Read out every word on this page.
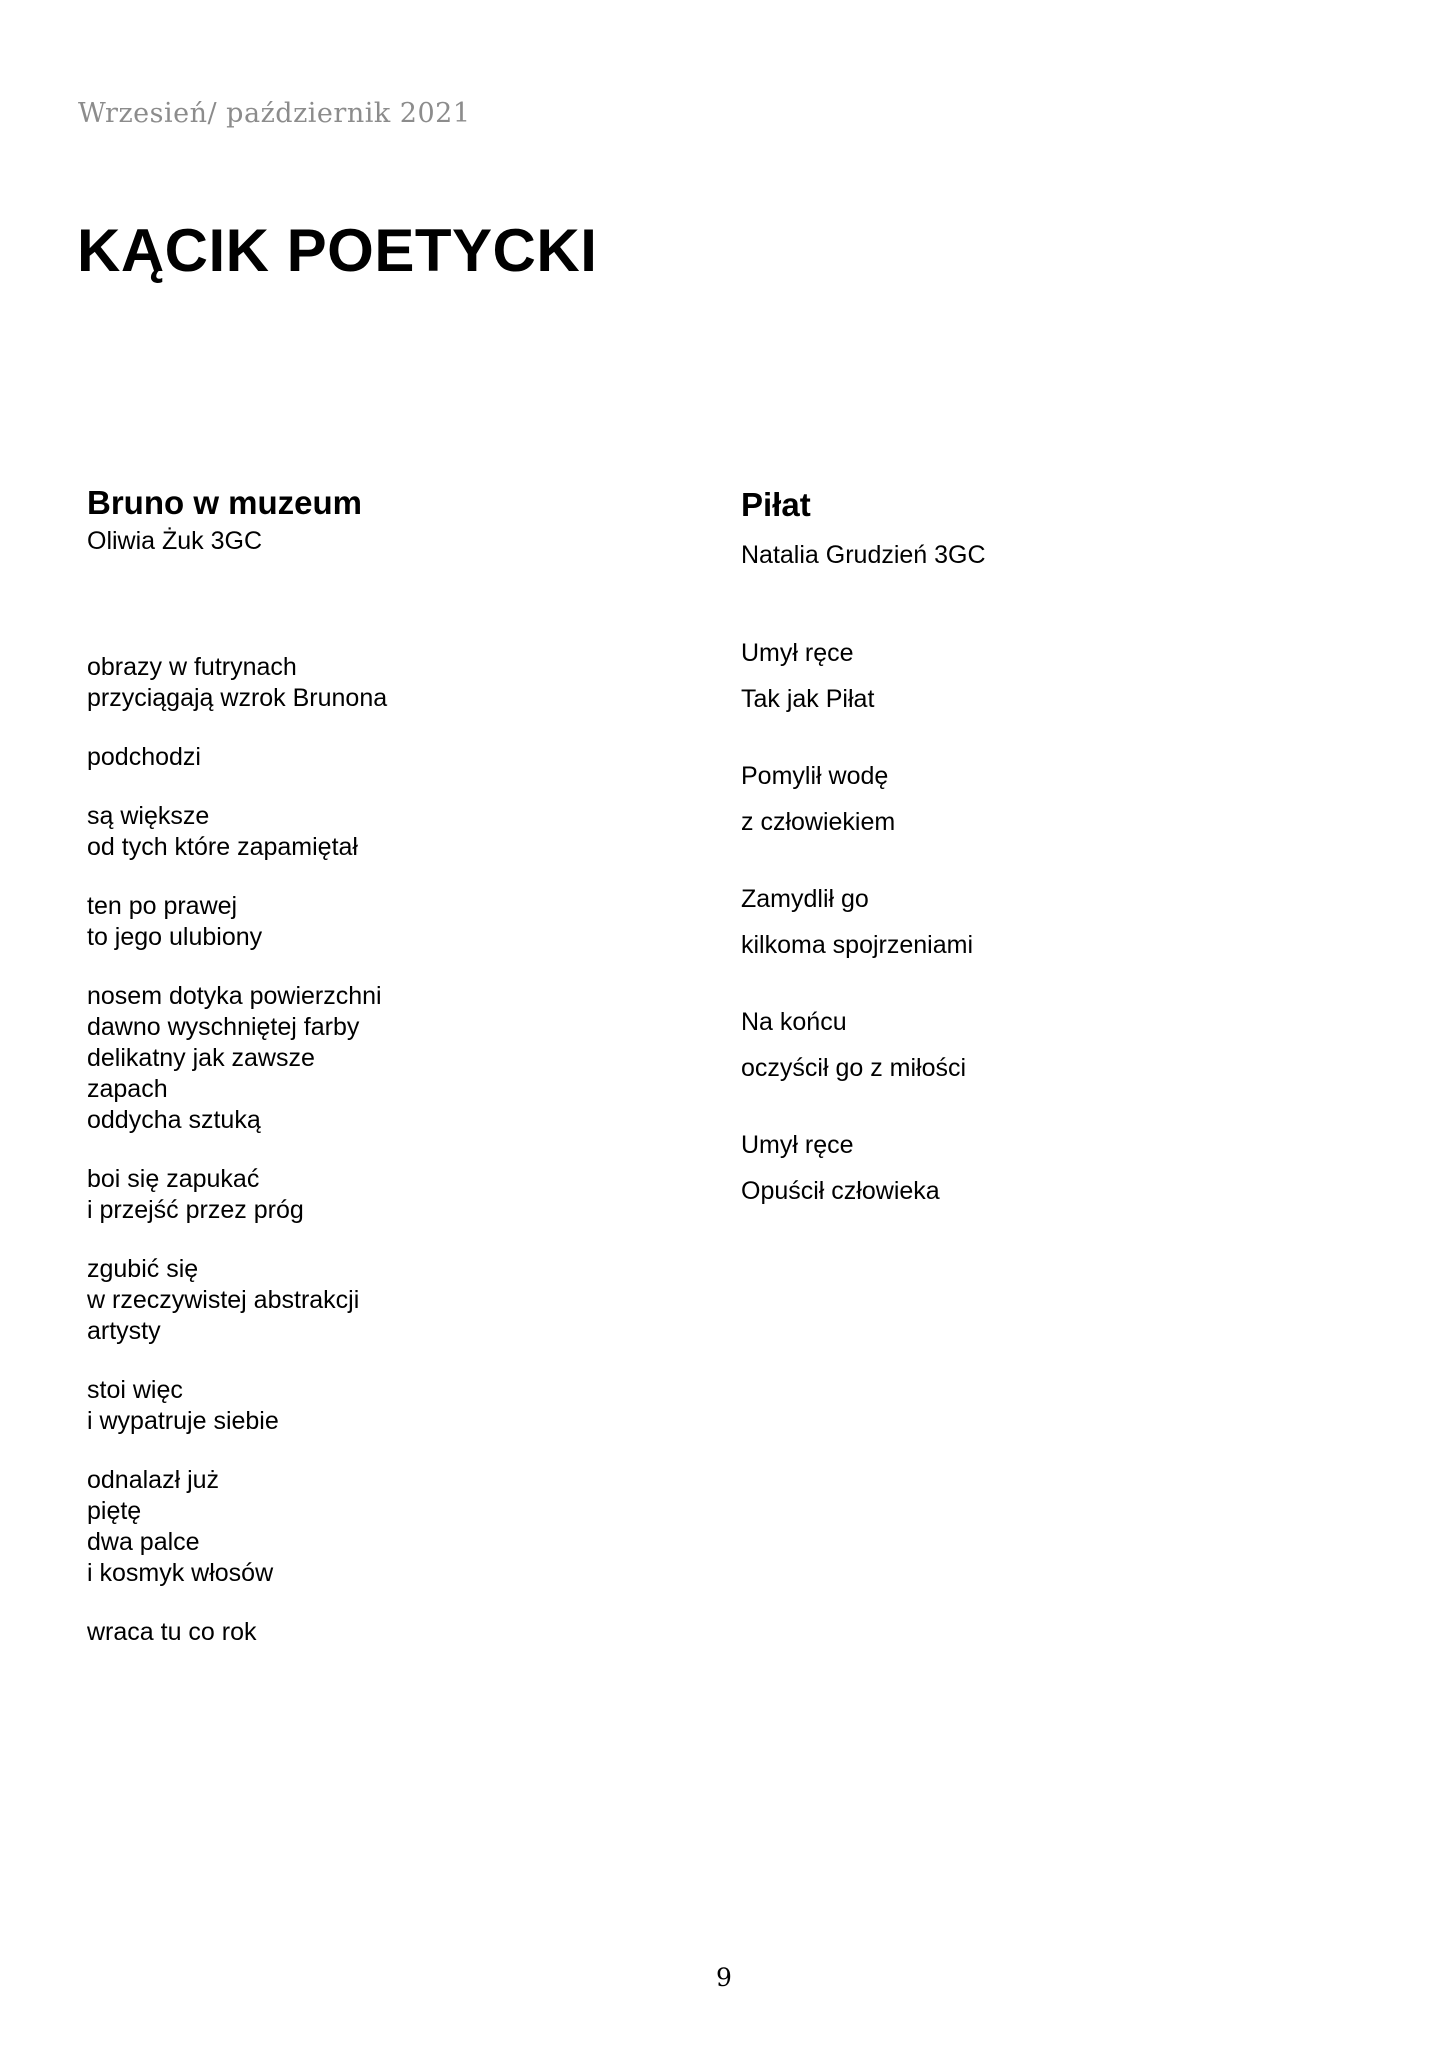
Wrzesień/ październik 2021
KĄCIK POETYCKI
Bruno w muzeum
Oliwia Żuk 3GC
obrazy w futrynach
przyciągają wzrok Brunona
podchodzi
są większe
od tych które zapamiętał
ten po prawej
to jego ulubiony
nosem dotyka powierzchni
dawno wyschniętej farby
delikatny jak zawsze
zapach
oddycha sztuką
boi się zapukać
i przejść przez próg
zgubić się
w rzeczywistej abstrakcji
artysty
stoi więc
i wypatruje siebie
odnalazł już
piętę
dwa palce
i kosmyk włosów
wraca tu co rok
Piłat
Natalia Grudzień 3GC
Umył ręce
Tak jak Piłat
Pomylił wodę
z człowiekiem
Zamydlił go
kilkoma spojrzeniami
Na końcu
oczyścił go z miłości
Umył ręce
Opuścił człowieka
9
